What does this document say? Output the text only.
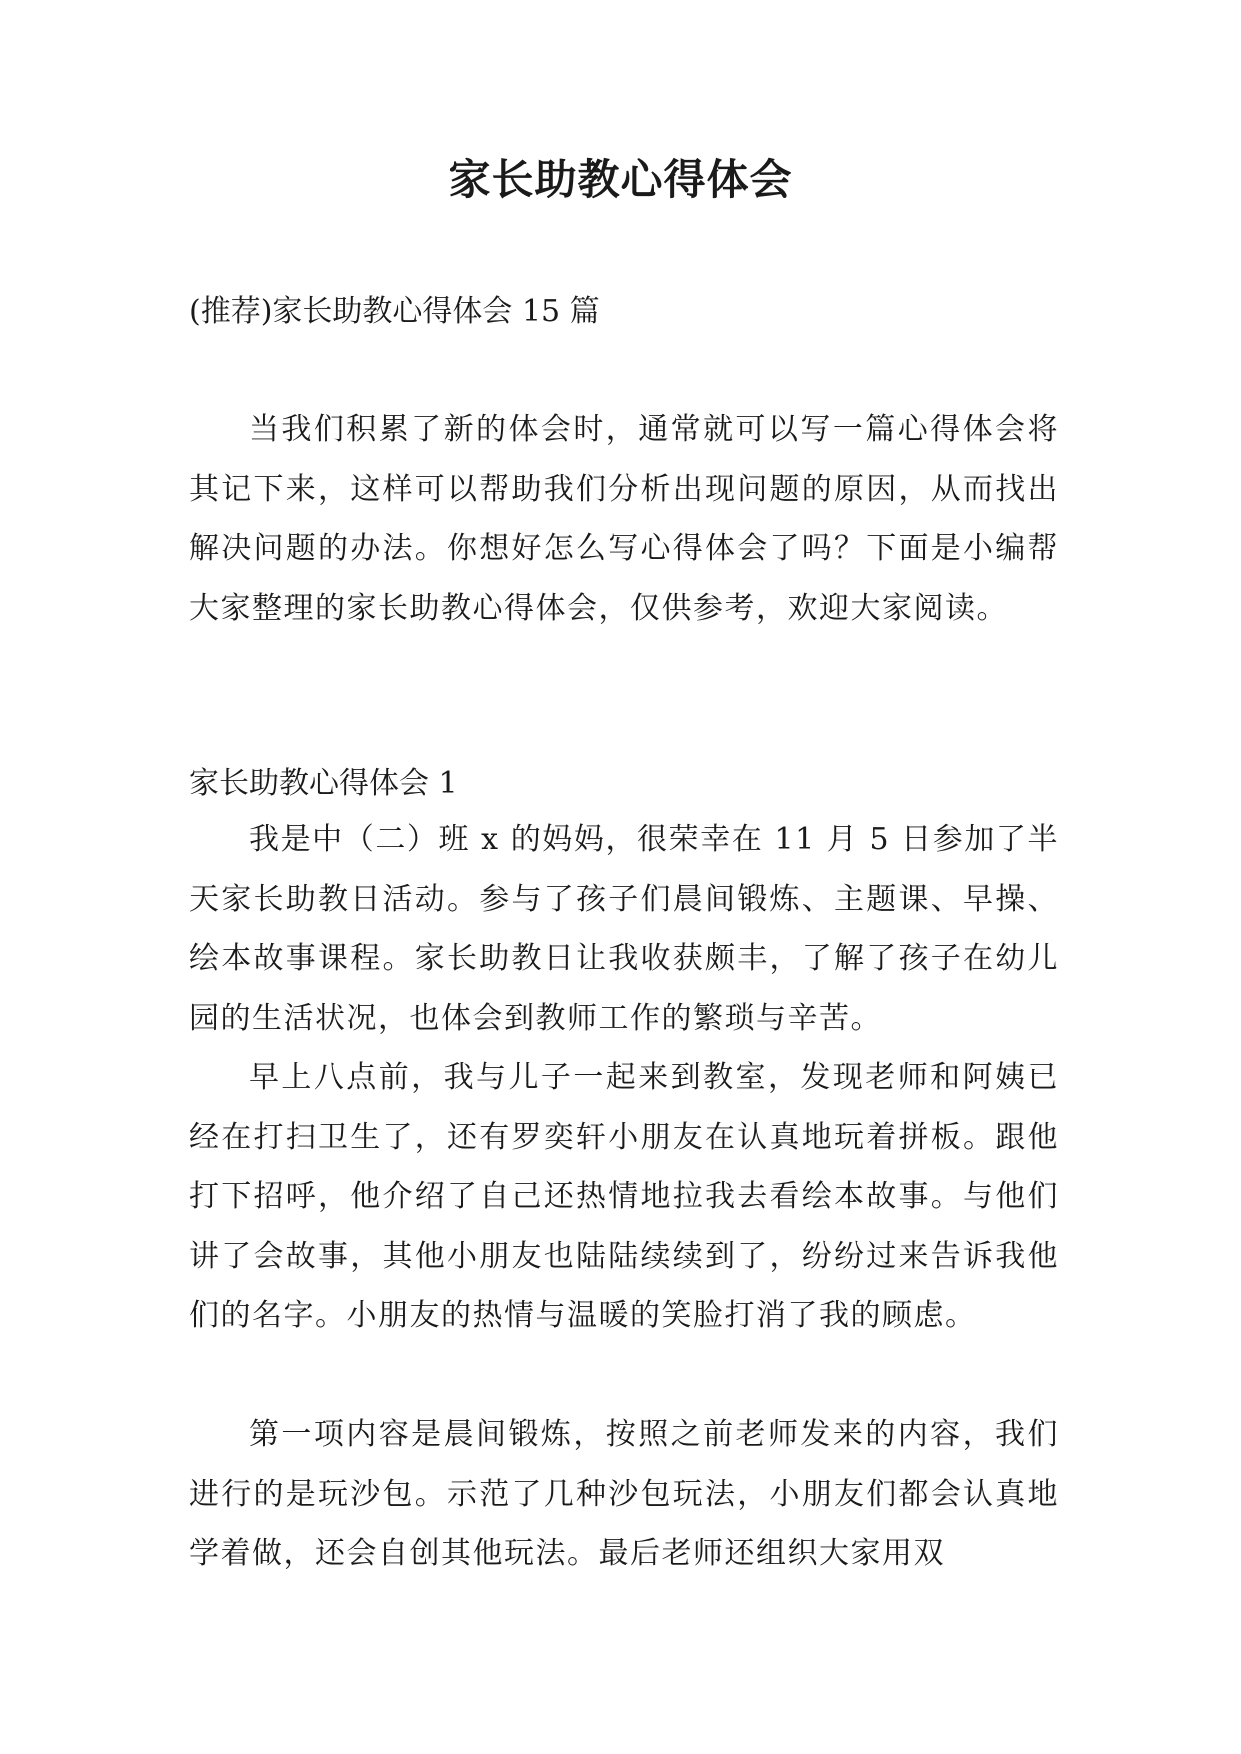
家长助教心得体会
(推荐)家长助教心得体会 15 篇

当我们积累了新的体会时，通常就可以写一篇心得体会将其记下来，这样可以帮助我们分析出现问题的原因，从而找出解决问题的办法。你想好怎么写心得体会了吗？下面是小编帮大家整理的家长助教心得体会，仅供参考，欢迎大家阅读。

家长助教心得体会 1

我是中（二）班 x 的妈妈，很荣幸在 11 月 5 日参加了半天家长助教日活动。参与了孩子们晨间锻炼、主题课、早操、绘本故事课程。家长助教日让我收获颇丰，了解了孩子在幼儿园的生活状况，也体会到教师工作的繁琐与辛苦。

早上八点前，我与儿子一起来到教室，发现老师和阿姨已经在打扫卫生了，还有罗奕轩小朋友在认真地玩着拼板。跟他打下招呼，他介绍了自己还热情地拉我去看绘本故事。与他们讲了会故事，其他小朋友也陆陆续续到了，纷纷过来告诉我他们的名字。小朋友的热情与温暖的笑脸打消了我的顾虑。

第一项内容是晨间锻炼，按照之前老师发来的内容，我们进行的是玩沙包。示范了几种沙包玩法，小朋友们都会认真地学着做，还会自创其他玩法。最后老师还组织大家用双
